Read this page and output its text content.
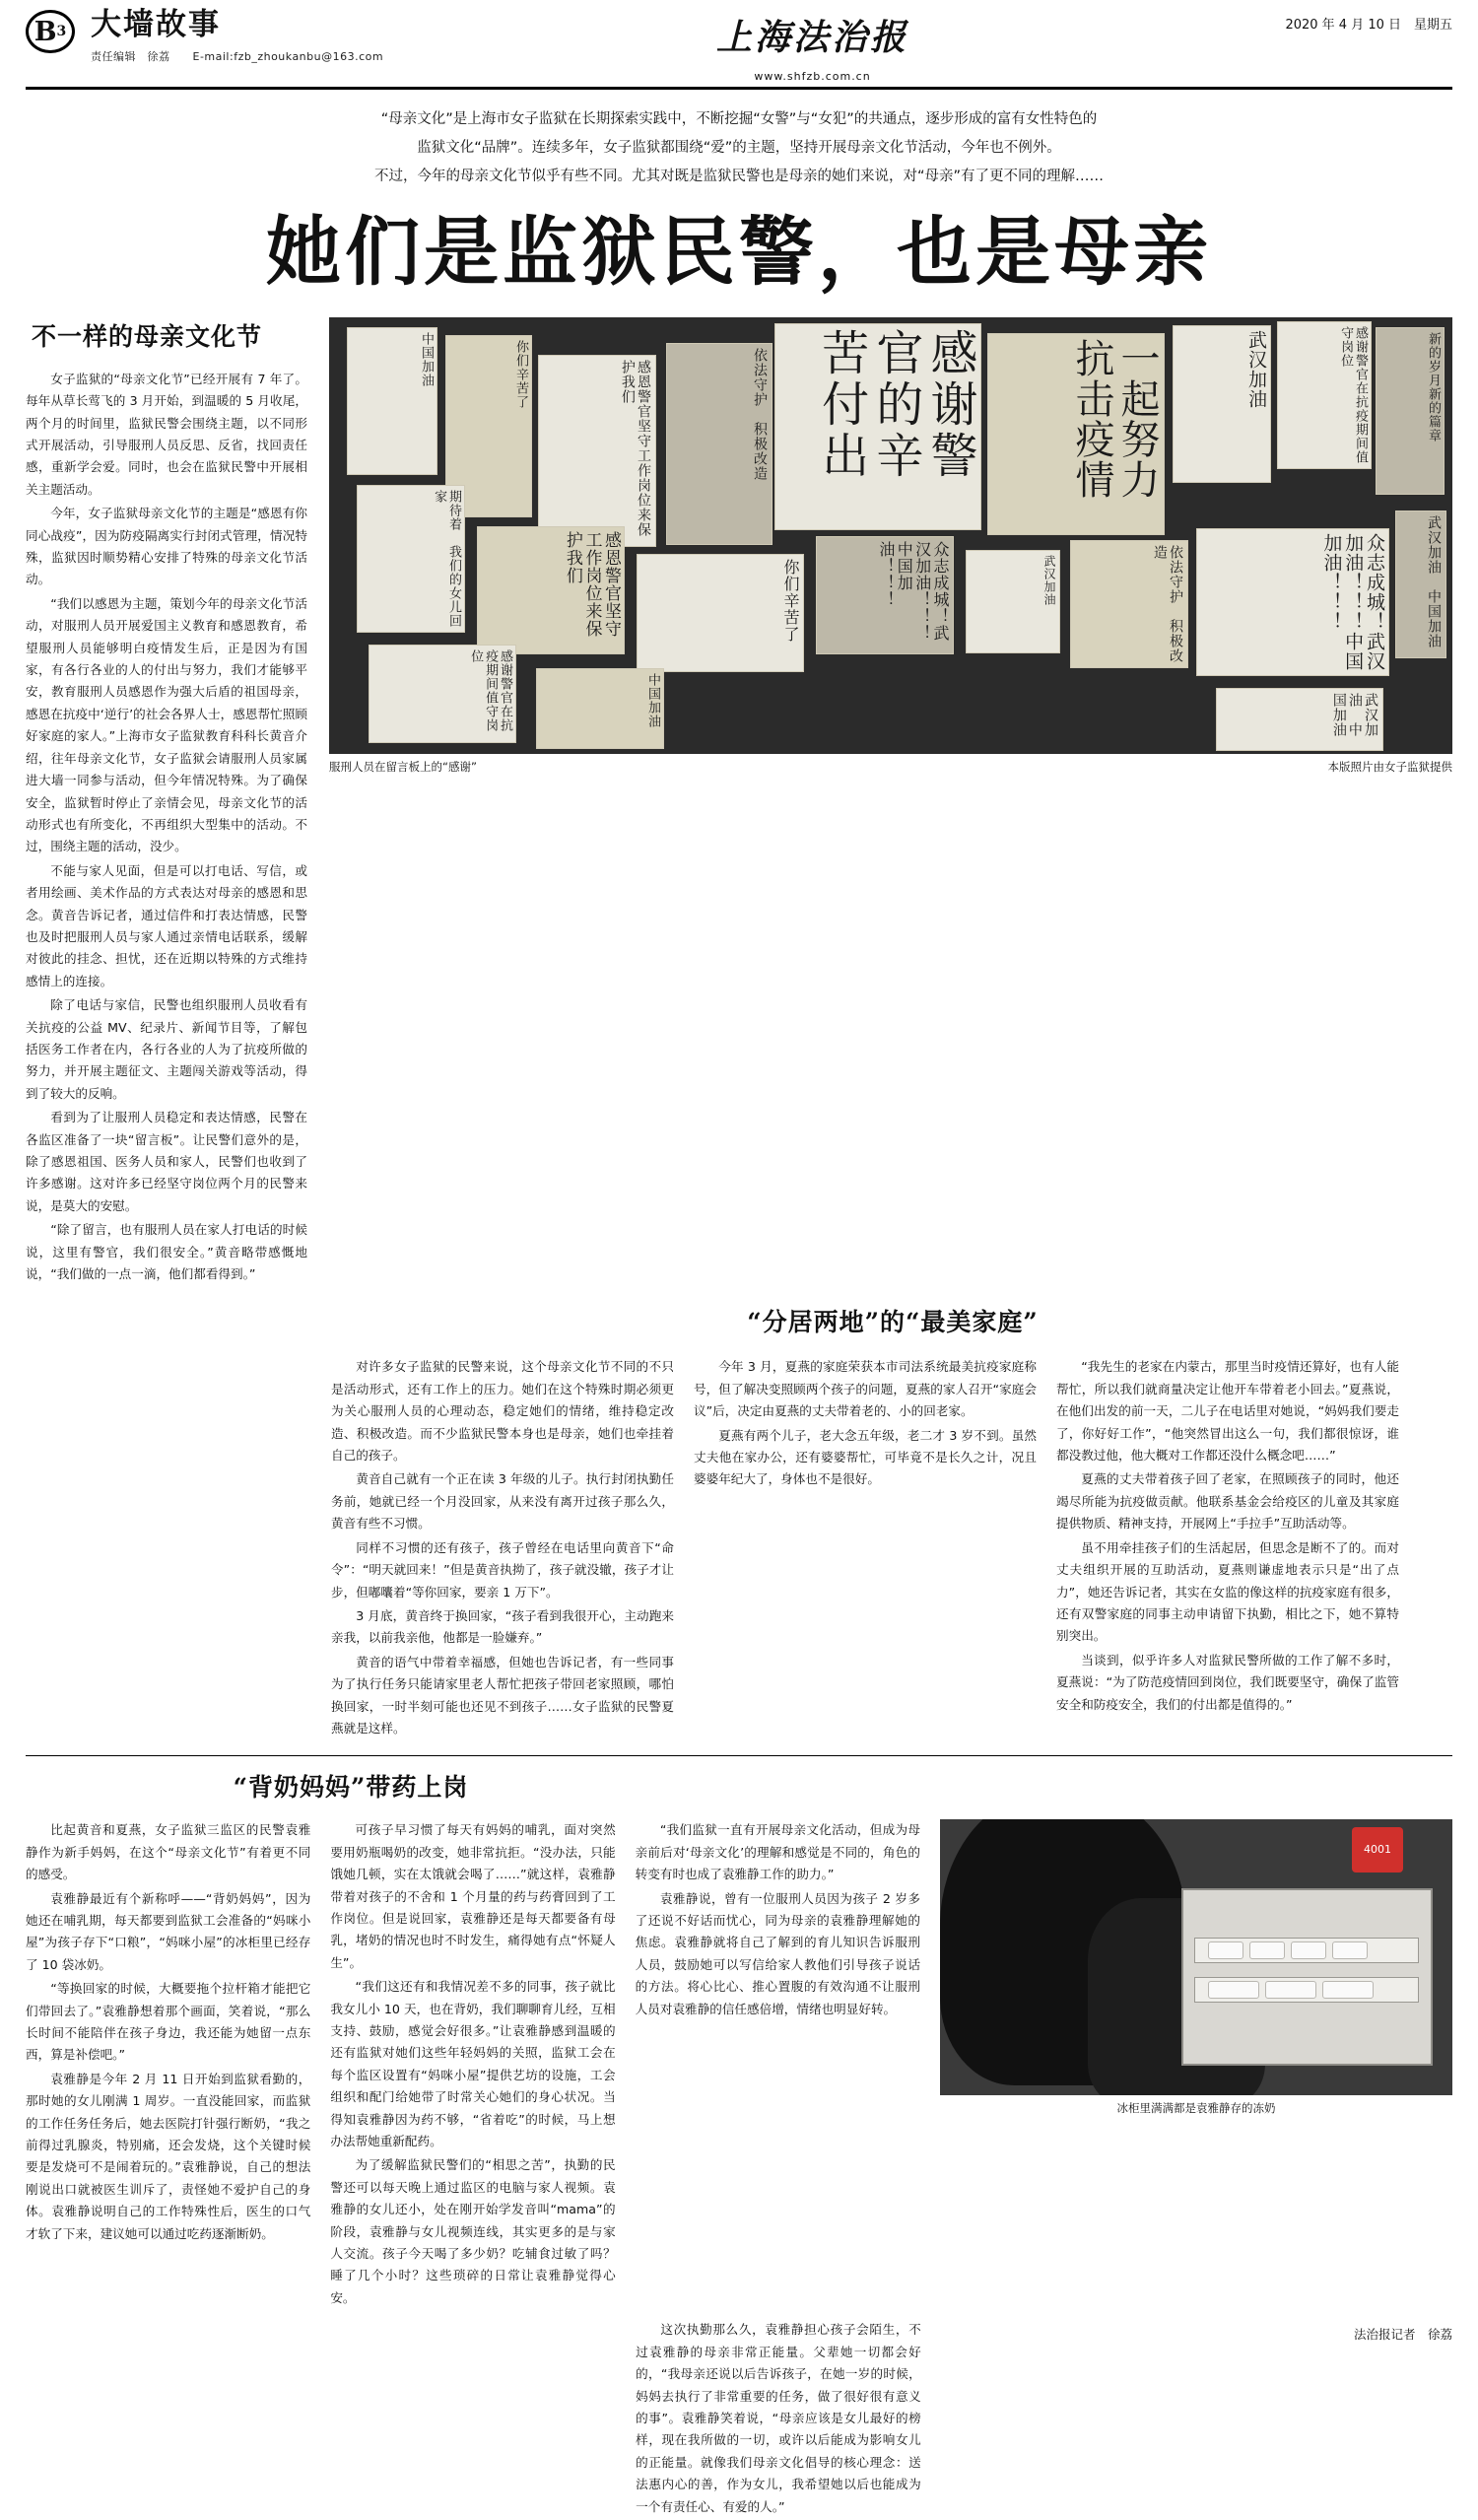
B 3 大墙故事
责任编辑　徐荔　　E-mail:fzb_zhoukanbu@163.com	上海法治报
www.shfzb.com.cn
2020 年 4 月 10 日　星期五

“母亲文化”是上海市女子监狱在长期探索实践中，不断挖掘“女警”与“女犯”的共通点，逐步形成的富有女性特色的

监狱文化“品牌”。连续多年，女子监狱都围绕“爱”的主题，坚持开展母亲文化节活动，今年也不例外。

不过，今年的母亲文化节似乎有些不同。尤其对既是监狱民警也是母亲的她们来说，对“母亲”有了更不同的理解……

她们是监狱民警，也是母亲
不一样的母亲文化节

女子监狱的“母亲文化节”已经开展有 7 年了。每年从草长莺飞的 3 月开始，到温暖的 5 月收尾，两个月的时间里，监狱民警会围绕主题，以不同形式开展活动，引导服刑人员反思、反省，找回责任感，重新学会爱。同时，也会在监狱民警中开展相关主题活动。

今年，女子监狱母亲文化节的主题是“感恩有你　同心战疫”，因为防疫隔离实行封闭式管理，情况特殊，监狱因时顺势精心安排了特殊的母亲文化节活动。

“我们以感恩为主题，策划今年的母亲文化节活动，对服刑人员开展爱国主义教育和感恩教育，希望服刑人员能够明白疫情发生后，正是因为有国家，有各行各业的人的付出与努力，我们才能够平安，教育服刑人员感恩作为强大后盾的祖国母亲，感恩在抗疫中‘逆行’的社会各界人士，感恩帮忙照顾好家庭的家人。”上海市女子监狱教育科科长黄音介绍，往年母亲文化节，女子监狱会请服刑人员家属进大墙一同参与活动，但今年情况特殊。为了确保安全，监狱暂时停止了亲情会见，母亲文化节的活动形式也有所变化，不再组织大型集中的活动。不过，围绕主题的活动，没少。

不能与家人见面，但是可以打电话、写信，或者用绘画、美术作品的方式表达对母亲的感恩和思念。黄音告诉记者，通过信件和打表达情感，民警也及时把服刑人员与家人通过亲情电话联系，缓解对彼此的挂念、担忧，还在近期以特殊的方式维持感情上的连接。

除了电话与家信，民警也组织服刑人员收看有关抗疫的公益 MV、纪录片、新闻节目等，了解包括医务工作者在内，各行各业的人为了抗疫所做的努力，并开展主题征文、主题闯关游戏等活动，得到了较大的反响。

看到为了让服刑人员稳定和表达情感，民警在各监区准备了一块“留言板”。让民警们意外的是，除了感恩祖国、医务人员和家人，民警们也收到了许多感谢。这对许多已经坚守岗位两个月的民警来说，是莫大的安慰。

“除了留言，也有服刑人员在家人打电话的时候说，这里有警官，我们很安全。”黄音略带感慨地说，“我们做的一点一滴，他们都看得到。”

中国加油	你们辛苦了	感恩警官坚守工作岗位来保护我们	依法守护　积极改造	感谢警官的辛苦付出	一起努力抗击疫情	武汉加油	感谢警官在抗疫期间值守岗位	新的岁月新的篇章
期待着　我们的女儿回家
感恩警官坚守工作岗位来保护我们
你们辛苦了	众志成城！武汉加油！！！中国加油！！！	武汉加油	依法守护　积极改造	众志成城！武汉加油！！！中国加油！！！	武汉加油　中国加油
感谢警官在抗疫期间值守岗位
中国加油	武汉加油　中国加油
服刑人员在留言板上的“感谢”	本版照片由女子监狱提供
“分居两地”的“最美家庭”

对许多女子监狱的民警来说，这个母亲文化节不同的不只是活动形式，还有工作上的压力。她们在这个特殊时期必须更为关心服刑人员的心理动态，稳定她们的情绪，维持稳定改造、积极改造。而不少监狱民警本身也是母亲，她们也牵挂着自己的孩子。

黄音自己就有一个正在读 3 年级的儿子。执行封闭执勤任务前，她就已经一个月没回家，从来没有离开过孩子那么久，黄音有些不习惯。

同样不习惯的还有孩子，孩子曾经在电话里向黄音下“命令”：“明天就回来！”但是黄音执拗了，孩子就没辙，孩子才让步，但嘟囔着“等你回家，要亲 1 万下”。

3 月底，黄音终于换回家，“孩子看到我很开心，主动跑来亲我，以前我亲他，他都是一脸嫌弃。”

黄音的语气中带着幸福感，但她也告诉记者，有一些同事为了执行任务只能请家里老人帮忙把孩子带回老家照顾，哪怕换回家，一时半刻可能也还见不到孩子……女子监狱的民警夏燕就是这样。

今年 3 月，夏燕的家庭荣获本市司法系统最美抗疫家庭称号，但了解决变照顾两个孩子的问题，夏燕的家人召开“家庭会议”后，决定由夏燕的丈夫带着老的、小的回老家。

夏燕有两个儿子，老大念五年级，老二才 3 岁不到。虽然丈夫他在家办公，还有婆婆帮忙，可毕竟不是长久之计，况且婆婆年纪大了，身体也不是很好。

“我先生的老家在内蒙古，那里当时疫情还算好，也有人能帮忙，所以我们就商量决定让他开车带着老小回去。”夏燕说，在他们出发的前一天，二儿子在电话里对她说，“妈妈我们要走了，你好好工作”，“他突然冒出这么一句，我们都很惊讶，谁都没教过他，他大概对工作都还没什么概念吧……”

夏燕的丈夫带着孩子回了老家，在照顾孩子的同时，他还竭尽所能为抗疫做贡献。他联系基金会给疫区的儿童及其家庭提供物质、精神支持，开展网上“手拉手”互助活动等。

虽不用牵挂孩子们的生活起居，但思念是断不了的。而对丈夫组织开展的互助活动，夏燕则谦虚地表示只是“出了点力”，她还告诉记者，其实在女监的像这样的抗疫家庭有很多，还有双警家庭的同事主动申请留下执勤，相比之下，她不算特别突出。

当谈到，似乎许多人对监狱民警所做的工作了解不多时，夏燕说：“为了防范疫情回到岗位，我们既要坚守，确保了监管安全和防疫安全，我们的付出都是值得的。”

“背奶妈妈”带药上岗

比起黄音和夏燕，女子监狱三监区的民警袁雅静作为新手妈妈，在这个“母亲文化节”有着更不同的感受。

袁雅静最近有个新称呼——“背奶妈妈”，因为她还在哺乳期，每天都要到监狱工会准备的“妈咪小屋”为孩子存下“口粮”，“妈咪小屋”的冰柜里已经存了 10 袋冰奶。

“等换回家的时候，大概要拖个拉杆箱才能把它们带回去了。”袁雅静想着那个画面，笑着说，“那么长时间不能陪伴在孩子身边，我还能为她留一点东西，算是补偿吧。”

袁雅静是今年 2 月 11 日开始到监狱看勤的，那时她的女儿刚满 1 周岁。一直没能回家，而监狱的工作任务任务后，她去医院打针强行断奶，“我之前得过乳腺炎，特别痛，还会发烧，这个关键时候要是发烧可不是闹着玩的。”袁雅静说，自己的想法刚说出口就被医生训斥了，责怪她不爱护自己的身体。袁雅静说明自己的工作特殊性后，医生的口气才软了下来，建议她可以通过吃药逐渐断奶。

可孩子早习惯了每天有妈妈的哺乳，面对突然要用奶瓶喝奶的改变，她非常抗拒。“没办法，只能饿她几顿，实在太饿就会喝了……”就这样，袁雅静带着对孩子的不舍和 1 个月量的药与药膏回到了工作岗位。但是说回家，袁雅静还是每天都要备有母乳，堵奶的情况也时不时发生，痛得她有点“怀疑人生”。

“我们这还有和我情况差不多的同事，孩子就比我女儿小 10 天，也在背奶，我们聊聊育儿经，互相支持、鼓励，感觉会好很多。”让袁雅静感到温暖的还有监狱对她们这些年轻妈妈的关照，监狱工会在每个监区设置有“妈咪小屋”提供艺坊的设施，工会组织和配门给她带了时常关心她们的身心状况。当得知袁雅静因为药不够，“省着吃”的时候，马上想办法帮她重新配药。

为了缓解监狱民警们的“相思之苦”，执勤的民警还可以每天晚上通过监区的电脑与家人视频。袁雅静的女儿还小，处在刚开始学发音叫“mama”的阶段，袁雅静与女儿视频连线，其实更多的是与家人交流。孩子今天喝了多少奶？吃辅食过敏了吗？睡了几个小时？这些琐碎的日常让袁雅静觉得心安。

“我们监狱一直有开展母亲文化活动，但成为母亲前后对‘母亲文化’的理解和感觉是不同的，角色的转变有时也成了袁雅静工作的助力。”

袁雅静说，曾有一位服刑人员因为孩子 2 岁多了还说不好话而忧心，同为母亲的袁雅静理解她的焦虑。袁雅静就将自己了解到的育儿知识告诉服刑人员，鼓励她可以写信给家人教他们引导孩子说话的方法。将心比心、推心置腹的有效沟通不让服刑人员对袁雅静的信任感倍增，情绪也明显好转。

4001
冰柜里满满都是袁雅静存的冻奶

这次执勤那么久，袁雅静担心孩子会陌生，不过袁雅静的母亲非常正能量。父辈她一切都会好的，“我母亲还说以后告诉孩子，在她一岁的时候，妈妈去执行了非常重要的任务，做了很好很有意义的事”。袁雅静笑着说，“母亲应该是女儿最好的榜样，现在我所做的一切，或许以后能成为影响女儿的正能量。就像我们母亲文化倡导的核心理念：送法惠内心的善，作为女儿，我希望她以后也能成为一个有责任心、有爱的人。”

法治报记者　徐荔
